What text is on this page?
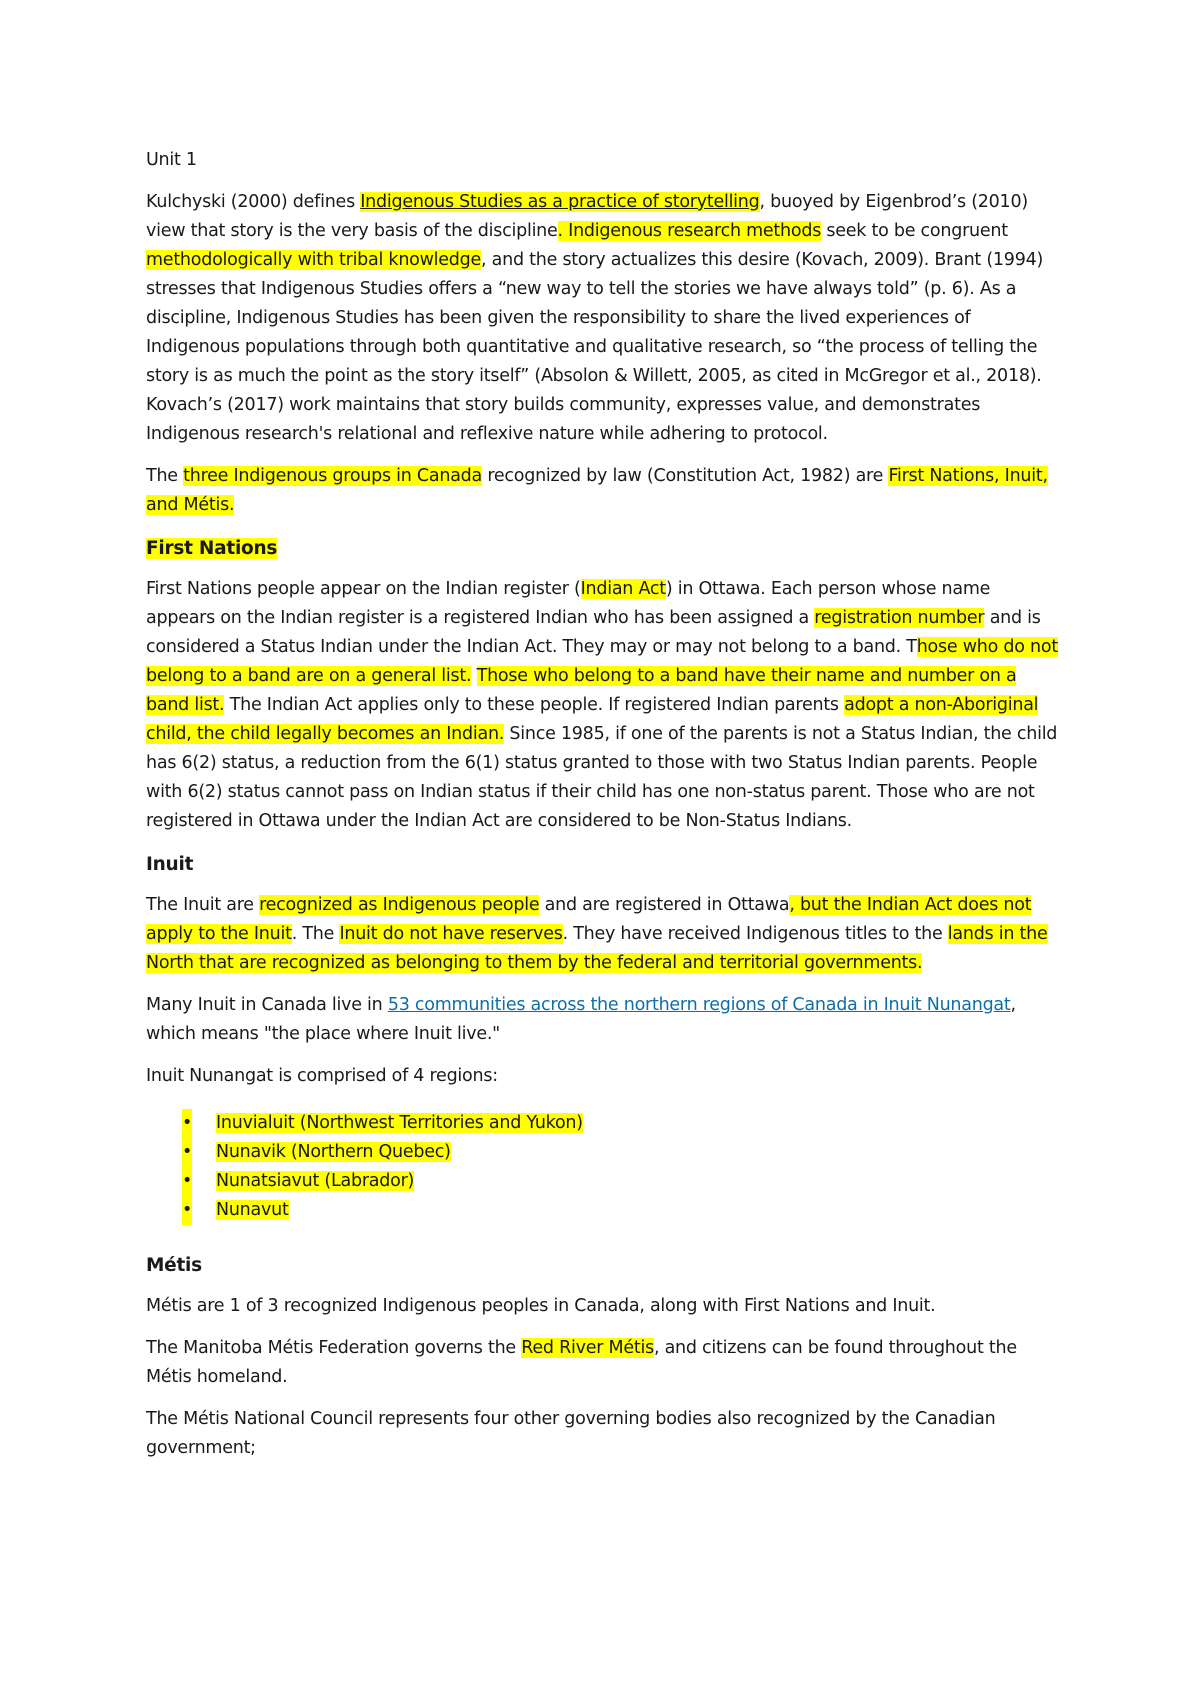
Unit 1

Kulchyski (2000) defines Indigenous Studies as a practice of storytelling, buoyed by Eigenbrod’s (2010) view that story is the very basis of the discipline. Indigenous research methods seek to be congruent methodologically with tribal knowledge, and the story actualizes this desire (Kovach, 2009). Brant (1994) stresses that Indigenous Studies offers a “new way to tell the stories we have always told” (p. 6). As a discipline, Indigenous Studies has been given the responsibility to share the lived experiences of Indigenous populations through both quantitative and qualitative research, so “the process of telling the story is as much the point as the story itself” (Absolon & Willett, 2005, as cited in McGregor et al., 2018). Kovach’s (2017) work maintains that story builds community, expresses value, and demonstrates Indigenous research's relational and reflexive nature while adhering to protocol.

The three Indigenous groups in Canada recognized by law (Constitution Act, 1982) are First Nations, Inuit, and Métis.

First Nations

First Nations people appear on the Indian register (Indian Act) in Ottawa. Each person whose name appears on the Indian register is a registered Indian who has been assigned a registration number and is considered a Status Indian under the Indian Act. They may or may not belong to a band. Those who do not belong to a band are on a general list. Those who belong to a band have their name and number on a band list. The Indian Act applies only to these people. If registered Indian parents adopt a non-Aboriginal child, the child legally becomes an Indian. Since 1985, if one of the parents is not a Status Indian, the child has 6(2) status, a reduction from the 6(1) status granted to those with two Status Indian parents. People with 6(2) status cannot pass on Indian status if their child has one non-status parent. Those who are not registered in Ottawa under the Indian Act are considered to be Non-Status Indians.

Inuit

The Inuit are recognized as Indigenous people and are registered in Ottawa, but the Indian Act does not apply to the Inuit. The Inuit do not have reserves. They have received Indigenous titles to the lands in the North that are recognized as belonging to them by the federal and territorial governments.

Many Inuit in Canada live in 53 communities across the northern regions of Canada in Inuit Nunangat, which means "the place where Inuit live."

Inuit Nunangat is comprised of 4 regions:

• Inuvialuit (Northwest Territories and Yukon)
• Nunavik (Northern Quebec)
• Nunatsiavut (Labrador)
• Nunavut

Métis

Métis are 1 of 3 recognized Indigenous peoples in Canada, along with First Nations and Inuit.

The Manitoba Métis Federation governs the Red River Métis, and citizens can be found throughout the Métis homeland.

The Métis National Council represents four other governing bodies also recognized by the Canadian government;
